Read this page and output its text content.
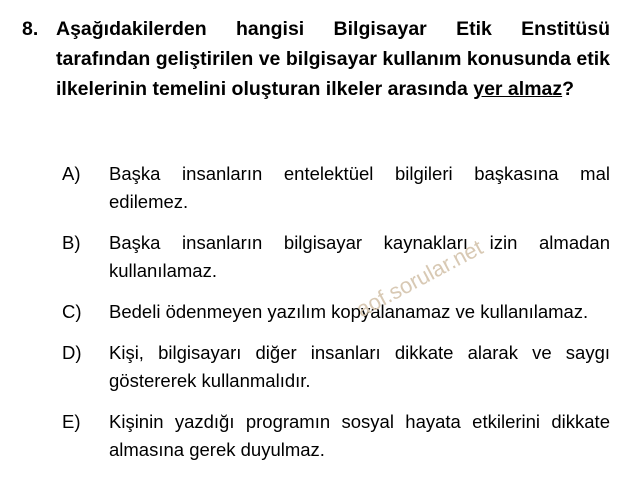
8. Aşağıdakilerden hangisi Bilgisayar Etik Enstitüsü tarafından geliştirilen ve bilgisayar kullanım konusunda etik ilkelerinin temelini oluşturan ilkeler arasında yer almaz?
A)	Başka insanların entelektüel bilgileri başkasına mal edilemez.
B)	Başka insanların bilgisayar kaynakları izin almadan kullanılamaz.
C)	Bedeli ödenmeyen yazılım kopyalanamaz ve kullanılamaz.
D)	Kişi, bilgisayarı diğer insanları dikkate alarak ve saygı göstererek kullanmalıdır.
E)	Kişinin yazdığı programın sosyal hayata etkilerini dikkate almasına gerek duyulmaz.
aof.sorular.net
